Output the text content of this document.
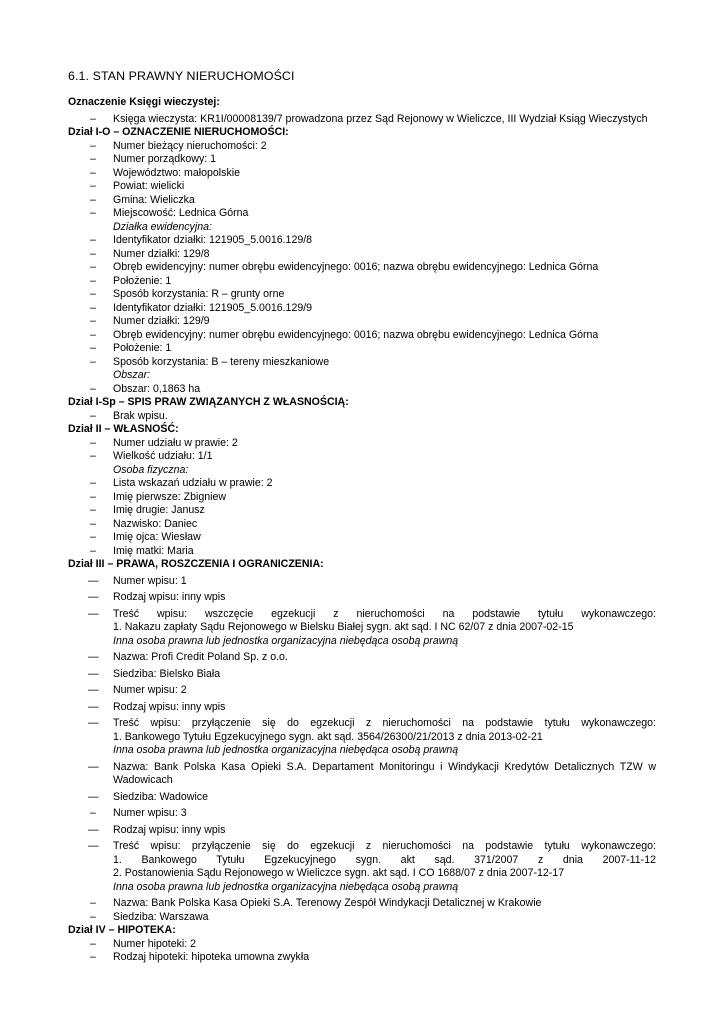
6.1. STAN PRAWNY NIERUCHOMOŚCI
Oznaczenie Księgi wieczystej:
– Księga wieczysta: KR1I/00008139/7 prowadzona przez Sąd Rejonowy w Wieliczce, III Wydział Ksiąg Wieczystych
Dział I-O – OZNACZENIE NIERUCHOMOŚCI:
– Numer bieżący nieruchomości: 2
– Numer porządkowy: 1
– Województwo: małopolskie
– Powiat: wielicki
– Gmina: Wieliczka
– Miejscowość: Lednica Górna
Działka ewidencyjna:
– Identyfikator działki: 121905_5.0016.129/8
– Numer działki: 129/8
– Obręb ewidencyjny: numer obrębu ewidencyjnego: 0016; nazwa obrębu ewidencyjnego: Lednica Górna
– Położenie: 1
– Sposób korzystania: R – grunty orne
– Identyfikator działki: 121905_5.0016.129/9
– Numer działki: 129/9
– Obręb ewidencyjny: numer obrębu ewidencyjnego: 0016; nazwa obrębu ewidencyjnego: Lednica Górna
– Położenie: 1
– Sposób korzystania: B – tereny mieszkaniowe
Obszar:
– Obszar: 0,1863 ha
Dział I-Sp – SPIS PRAW ZWIĄZANYCH Z WŁASNOŚCIĄ:
– Brak wpisu.
Dział II – WŁASNOŚĆ:
– Numer udziału w prawie: 2
– Wielkość udziału: 1/1
Osoba fizyczna:
– Lista wskazań udziału w prawie: 2
– Imię pierwsze: Zbigniew
– Imię drugie: Janusz
– Nazwisko: Daniec
– Imię ojca: Wiesław
– Imię matki: Maria
Dział III – PRAWA, ROSZCZENIA I OGRANICZENIA:
— Numer wpisu: 1
— Rodzaj wpisu: inny wpis
— Treść wpisu: wszczęcie egzekucji z nieruchomości na podstawie tytułu wykonawczego:
1. Nakazu zapłaty Sądu Rejonowego w Bielsku Białej sygn. akt sąd. I NC 62/07 z dnia 2007-02-15
Inna osoba prawna lub jednostka organizacyjna niebędąca osobą prawną
— Nazwa: Profi Credit Poland Sp. z o.o.
— Siedziba: Bielsko Biała
— Numer wpisu: 2
— Rodzaj wpisu: inny wpis
— Treść wpisu: przyłączenie się do egzekucji z nieruchomości na podstawie tytułu wykonawczego:
1. Bankowego Tytułu Egzekucyjnego sygn. akt sąd. 3564/26300/21/2013 z dnia 2013-02-21
Inna osoba prawna lub jednostka organizacyjna niebędąca osobą prawną
— Nazwa: Bank Polska Kasa Opieki S.A. Departament Monitoringu i Windykacji Kredytów Detalicznych TZW w Wadowicach
— Siedziba: Wadowice
– Numer wpisu: 3
— Rodzaj wpisu: inny wpis
— Treść wpisu: przyłączenie się do egzekucji z nieruchomości na podstawie tytułu wykonawczego:
1. Bankowego Tytułu Egzekucyjnego sygn. akt sąd. 371/2007 z dnia 2007-11-12
2. Postanowienia Sądu Rejonowego w Wieliczce sygn. akt sąd. I CO 1688/07 z dnia 2007-12-17
Inna osoba prawna lub jednostka organizacyjna niebędąca osobą prawną
– Nazwa: Bank Polska Kasa Opieki S.A. Terenowy Zespół Windykacji Detalicznej w Krakowie
– Siedziba: Warszawa
Dział IV – HIPOTEKA:
– Numer hipoteki: 2
– Rodzaj hipoteki: hipoteka umowna zwykła
